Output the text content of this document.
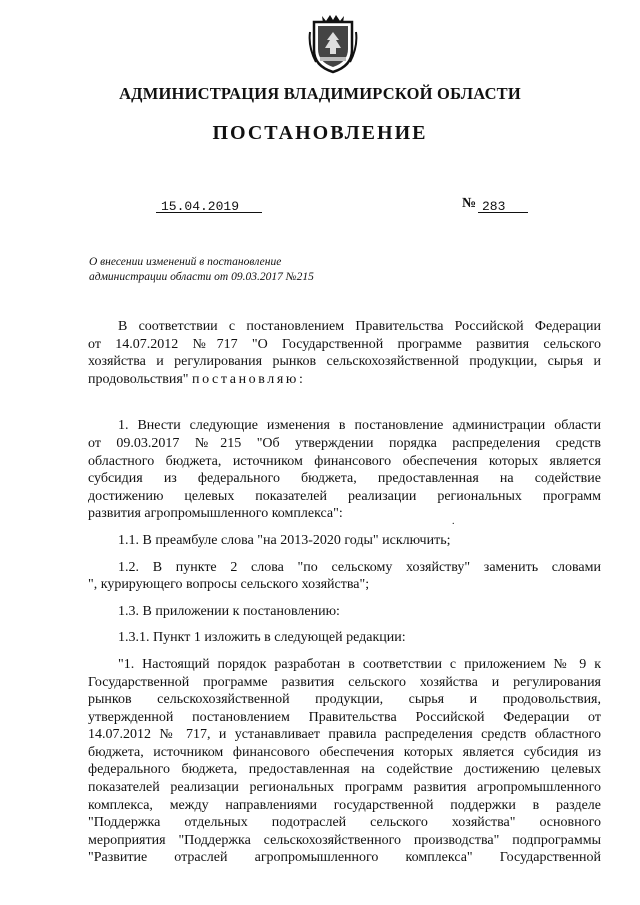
АДМИНИСТРАЦИЯ ВЛАДИМИРСКОЙ ОБЛАСТИ
ПОСТАНОВЛЕНИЕ
15.04.2019	№ 283

О внесении изменений в постановление

администрации области от 09.03.2017 №215

.

В соответствии с постановлением Правительства Российской Федерации

от 14.07.2012 №717 "О Государственной программе развития сельского

хозяйства и регулирования рынков сельскохозяйственной продукции, сырья и

продовольствия" постановляю:

1. Внести следующие изменения в постановление администрации области

от 09.03.2017 №215 "Об утверждении порядка распределения средств

областного бюджета, источником финансового обеспечения которых является

субсидия из федерального бюджета, предоставленная на содействие

достижению целевых показателей реализации региональных программ

развития агропромышленного комплекса":

1.1. В преамбуле слова "на 2013-2020 годы" исключить;

1.2. В пункте 2 слова "по сельскому хозяйству" заменить словами

", курирующего вопросы сельского хозяйства";

1.3. В приложении к постановлению:

1.3.1. Пункт 1 изложить в следующей редакции:

"1. Настоящий порядок разработан в соответствии с приложением № 9 к

Государственной программе развития сельского хозяйства и регулирования

рынков сельскохозяйственной продукции, сырья и продовольствия,

утвержденной постановлением Правительства Российской Федерации от

14.07.2012 № 717, и устанавливает правила распределения средств областного

бюджета, источником финансового обеспечения которых является субсидия из

федерального бюджета, предоставленная на содействие достижению целевых

показателей реализации региональных программ развития агропромышленного

комплекса, между направлениями государственной поддержки в разделе

"Поддержка отдельных подотраслей сельского хозяйства" основного

мероприятия "Поддержка сельскохозяйственного производства" подпрограммы

"Развитие отраслей агропромышленного комплекса" Государственной
